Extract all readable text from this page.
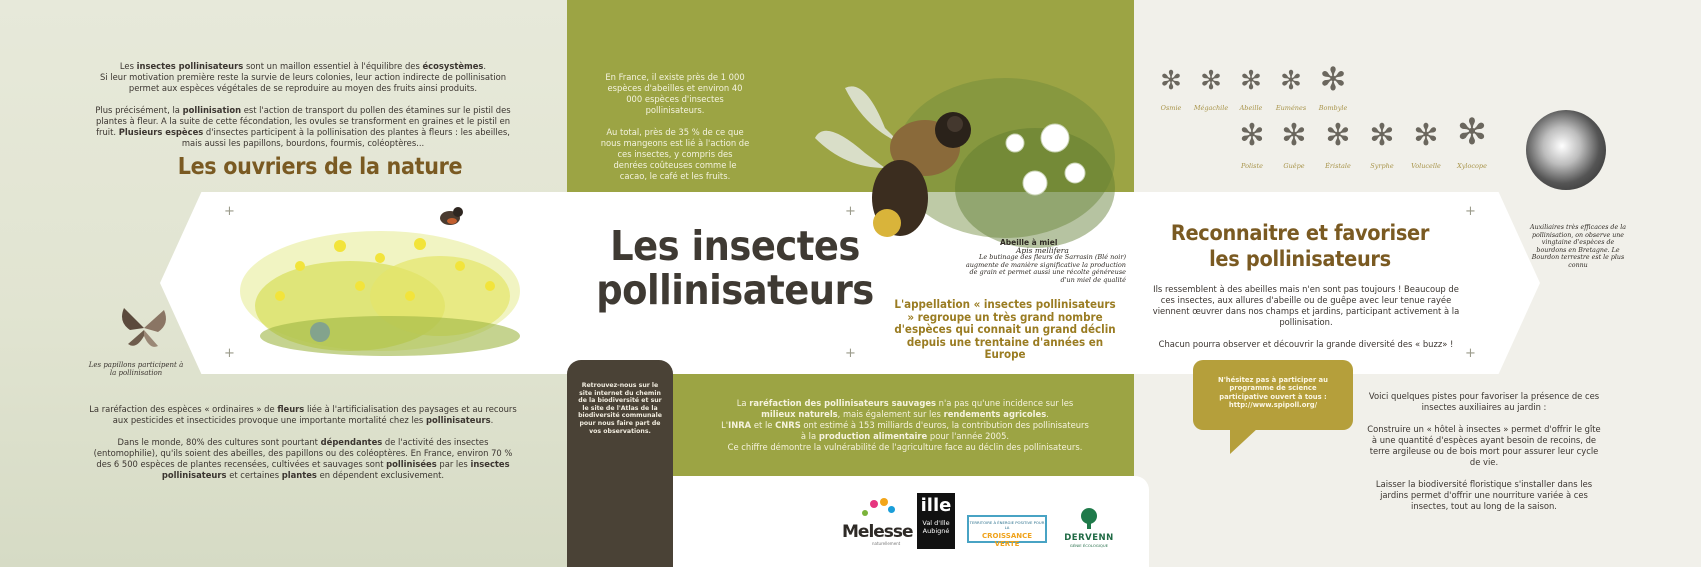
+
+
+
+
+
+
Les insectes pollinisateurs sont un maillon essentiel à l'équilibre des écosystèmes.
Si leur motivation première reste la survie de leurs colonies, leur action indirecte de pollinisation permet aux espèces végétales de se reproduire au moyen des fruits ainsi produits.
Plus précisément, la pollinisation est l'action de transport du pollen des étamines sur le pistil des plantes à fleur. A la suite de cette fécondation, les ovules se transforment en graines et le pistil en fruit. Plusieurs espèces d'insectes participent à la pollinisation des plantes à fleurs : les abeilles, mais aussi les papillons, bourdons, fourmis, coléoptères...
Les ouvriers de la nature
Les papillons participent à la pollinisation
La raréfaction des espèces « ordinaires » de fleurs liée à l'artificialisation des paysages et au recours aux pesticides et insecticides provoque une importante mortalité chez les pollinisateurs.
Dans le monde, 80% des cultures sont pourtant dépendantes de l'activité des insectes (entomophilie), qu'ils soient des abeilles, des papillons ou des coléoptères. En France, environ 70 % des 6 500 espèces de plantes recensées, cultivées et sauvages sont pollinisées par les insectes pollinisateurs et certaines plantes en dépendent exclusivement.
En France, il existe près de 1 000 espèces d'abeilles et environ 40 000 espèces d'insectes pollinisateurs.
Au total, près de 35 % de ce que nous mangeons est lié à l'action de ces insectes, y compris des denrées coûteuses comme le cacao, le café et les fruits.
Abeille à miel
Apis mellifera
Le butinage des fleurs de Sarrasin (Blé noir) augmente de manière significative la production de grain et permet aussi une récolte généreuse d'un miel de qualité
Les insectes
pollinisateurs	L'appellation « insectes pollinisateurs » regroupe un très grand nombre d'espèces qui connait un grand déclin depuis une trentaine d'années en Europe
Retrouvez-nous sur le site internet du chemin de la biodiversité et sur le site de l'Atlas de la biodiversité communale pour nous faire part de vos observations.
La raréfaction des pollinisateurs sauvages n'a pas qu'une incidence sur les milieux naturels, mais également sur les rendements agricoles.
L'INRA et le CNRS ont estimé à 153 milliards d'euros, la contribution des pollinisateurs à la production alimentaire pour l'année 2005.
Ce chiffre démontre la vulnérabilité de l'agriculture face au déclin des pollinisateurs.
Melesse
naturellement
ille
Val d'Ille Aubigné
TERRITOIRE À ÉNERGIE POSITIVE POUR LA
CROISSANCE VERTE
DERVENN
GÉNIE ÉCOLOGIQUE
✻ ✻ ✻ ✻ ✻
Osmie	Mégachile	Abeille	Euménes	Bombyle
✻ ✻ ✻ ✻ ✻ ✻
Poliste	Guêpe	Éristale	Syrphe	Volucelle	Xylocope
Auxiliaires très efficaces de la pollinisation, on observe une vingtaine d'espèces de bourdons en Bretagne. Le Bourdon terrestre est le plus connu
Reconnaitre et favoriser
les pollinisateurs
Ils ressemblent à des abeilles mais n'en sont pas toujours ! Beaucoup de ces insectes, aux allures d'abeille ou de guêpe avec leur tenue rayée viennent œuvrer dans nos champs et jardins, participant activement à la pollinisation.
Chacun pourra observer et découvrir la grande diversité des « buzz» !
N'hésitez pas à participer au programme de science participative ouvert à tous : http://www.spipoll.org/
Voici quelques pistes pour favoriser la présence de ces insectes auxiliaires au jardin :
Construire un « hôtel à insectes » permet d'offrir le gîte à une quantité d'espèces ayant besoin de recoins, de terre argileuse ou de bois mort pour assurer leur cycle de vie.
Laisser la biodiversité floristique s'installer dans les jardins permet d'offrir une nourriture variée à ces insectes, tout au long de la saison.
